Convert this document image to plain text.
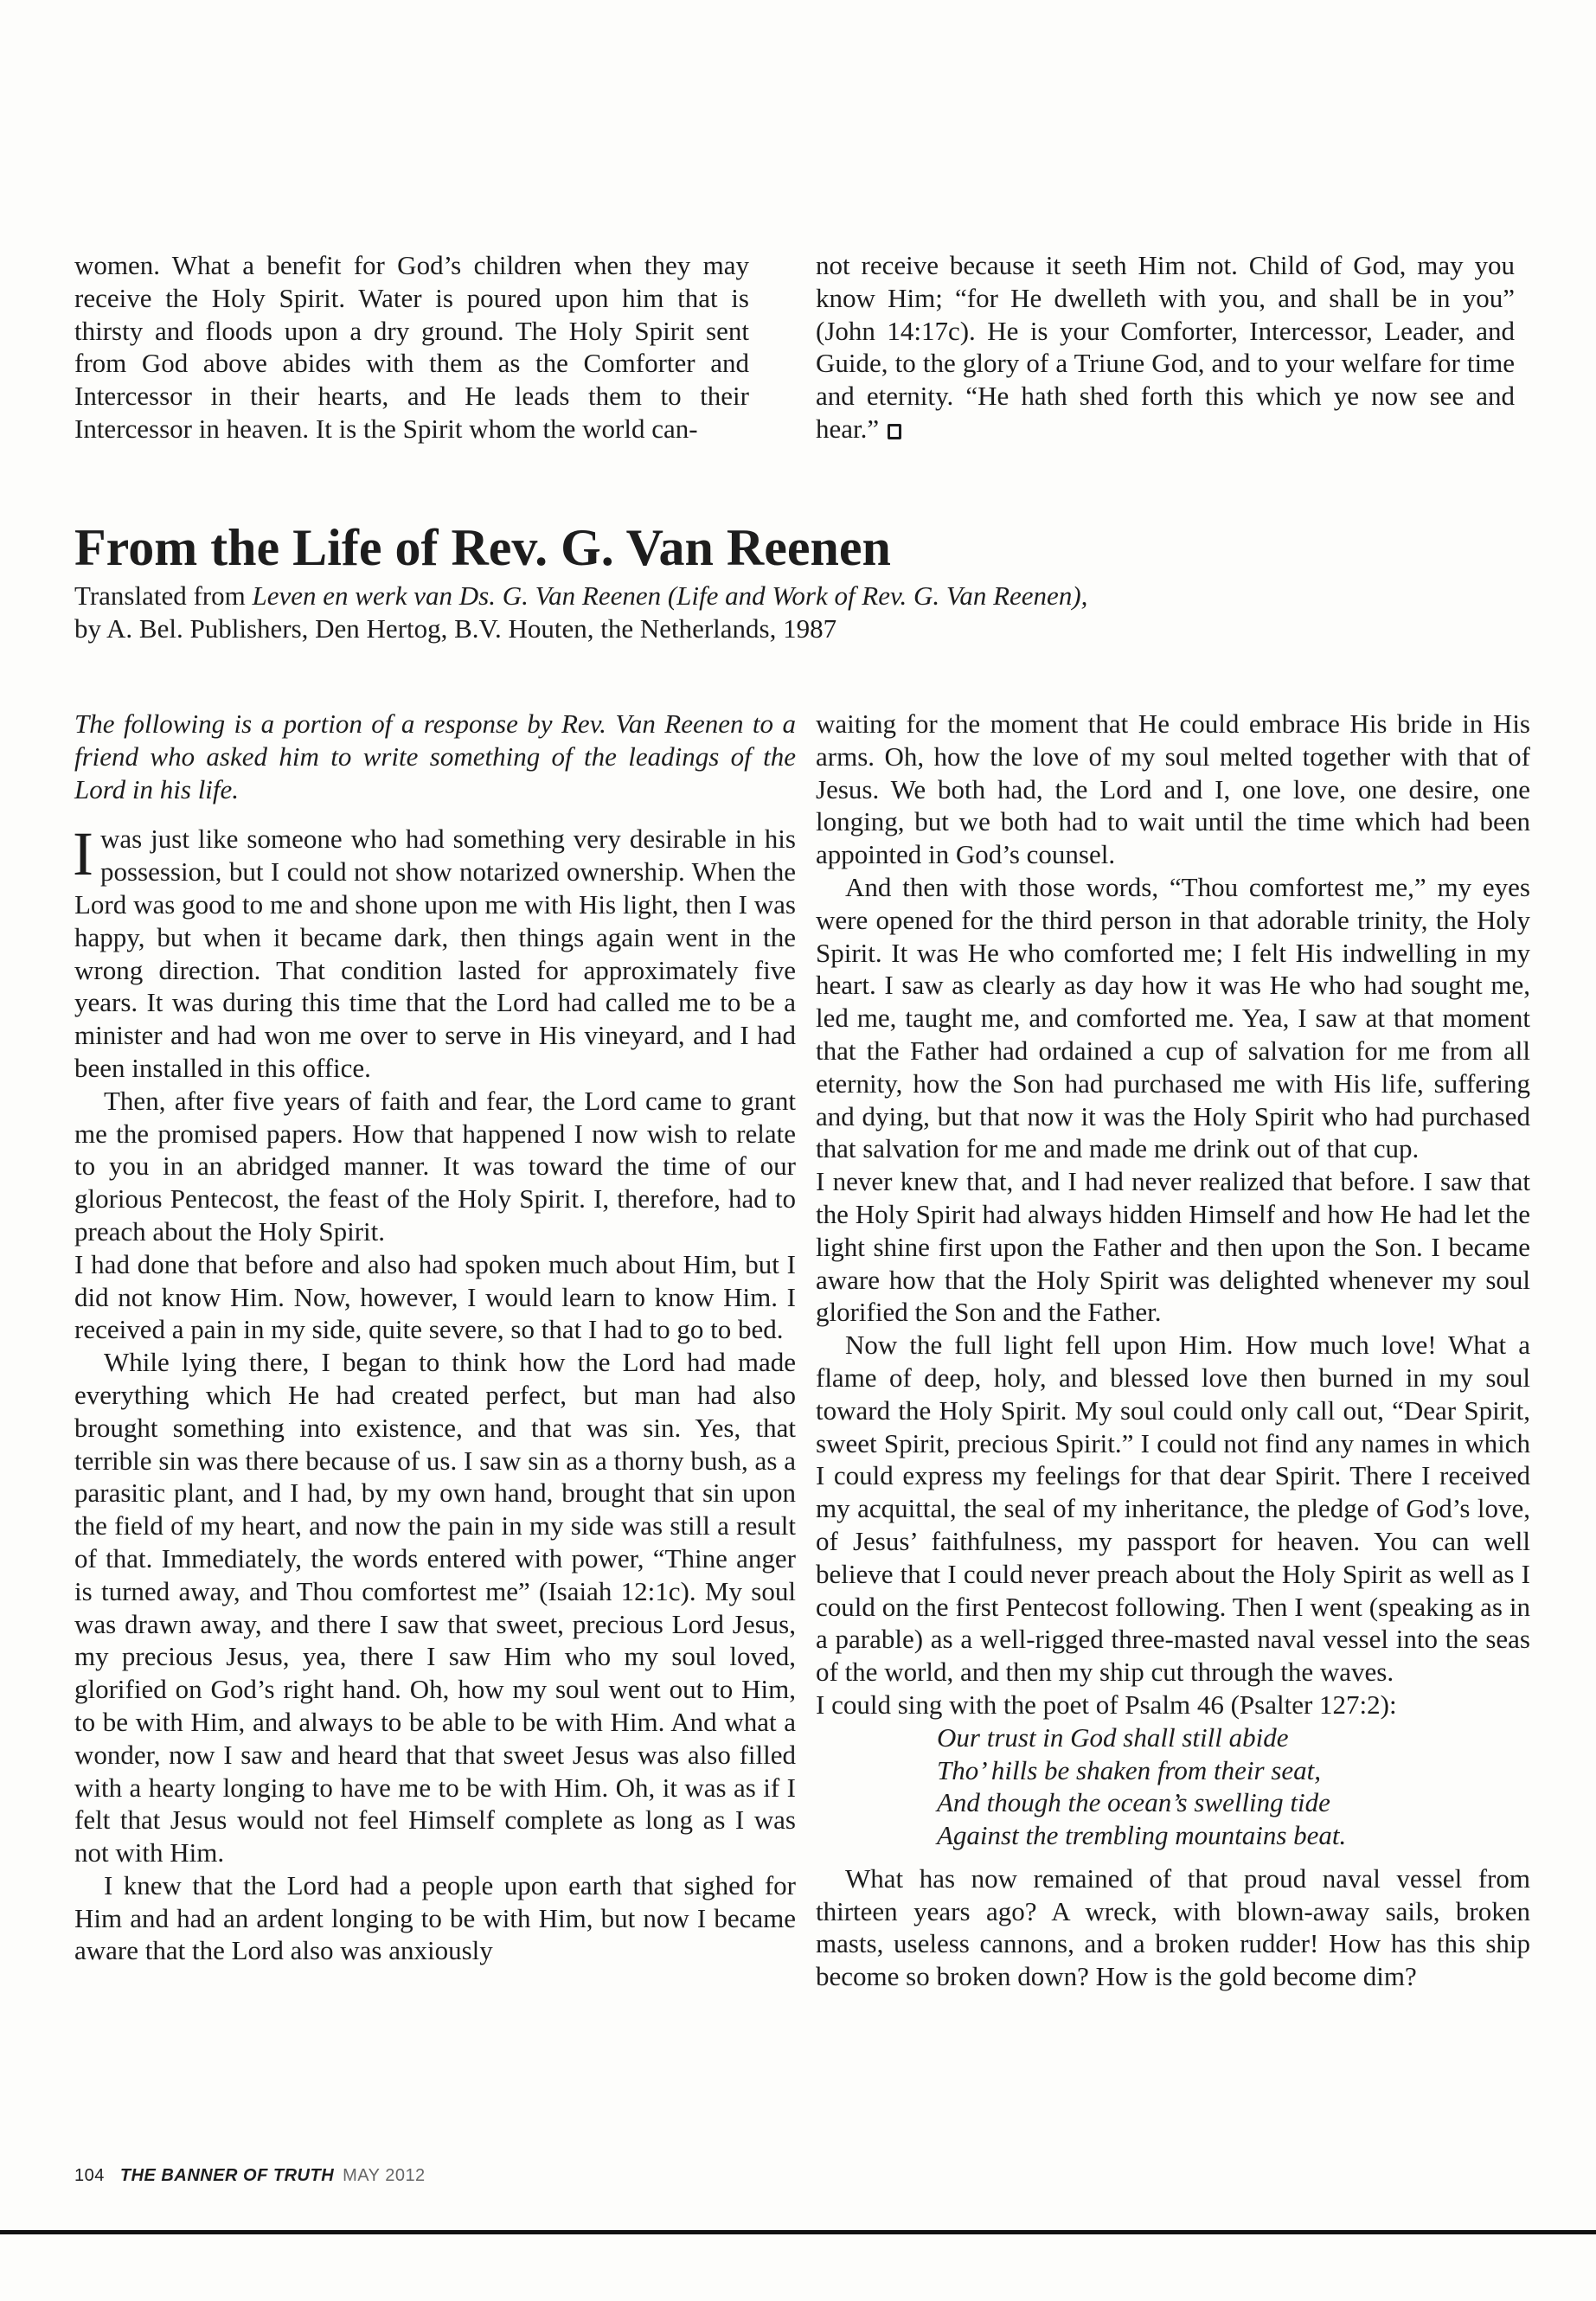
women. What a benefit for God’s children when they may receive the Holy Spirit. Water is poured upon him that is thirsty and floods upon a dry ground. The Holy Spirit sent from God above abides with them as the Comforter and Intercessor in their hearts, and He leads them to their Intercessor in heaven. It is the Spirit whom the world can-

not receive because it seeth Him not. Child of God, may you know Him; “for He dwelleth with you, and shall be in you” (John 14:17c). He is your Comforter, Intercessor, Leader, and Guide, to the glory of a Triune God, and to your welfare for time and eternity. “He hath shed forth this which ye now see and hear.”

From the Life of Rev. G. Van Reenen
Translated from Leven en werk van Ds. G. Van Reenen (Life and Work of Rev. G. Van Reenen),
by A. Bel. Publishers, Den Hertog, B.V. Houten, the Netherlands, 1987

The following is a portion of a response by Rev. Van Reenen to a friend who asked him to write something of the leadings of the Lord in his life.

I was just like someone who had something very desirable in his possession, but I could not show notarized ownership. When the Lord was good to me and shone upon me with His light, then I was happy, but when it became dark, then things again went in the wrong direction. That condition lasted for approximately five years. It was during this time that the Lord had called me to be a minister and had won me over to serve in His vineyard, and I had been installed in this office.

Then, after five years of faith and fear, the Lord came to grant me the promised papers. How that happened I now wish to relate to you in an abridged manner. It was toward the time of our glorious Pentecost, the feast of the Holy Spirit. I, therefore, had to preach about the Holy Spirit.

I had done that before and also had spoken much about Him, but I did not know Him. Now, however, I would learn to know Him. I received a pain in my side, quite severe, so that I had to go to bed.

While lying there, I began to think how the Lord had made everything which He had created perfect, but man had also brought something into existence, and that was sin. Yes, that terrible sin was there because of us. I saw sin as a thorny bush, as a parasitic plant, and I had, by my own hand, brought that sin upon the field of my heart, and now the pain in my side was still a result of that. Immediately, the words entered with power, “Thine anger is turned away, and Thou comfortest me” (Isaiah 12:1c). My soul was drawn away, and there I saw that sweet, precious Lord Jesus, my precious Jesus, yea, there I saw Him who my soul loved, glorified on God’s right hand. Oh, how my soul went out to Him, to be with Him, and always to be able to be with Him. And what a wonder, now I saw and heard that that sweet Jesus was also filled with a hearty longing to have me to be with Him. Oh, it was as if I felt that Jesus would not feel Himself complete as long as I was not with Him.

I knew that the Lord had a people upon earth that sighed for Him and had an ardent longing to be with Him, but now I became aware that the Lord also was anxiously

waiting for the moment that He could embrace His bride in His arms. Oh, how the love of my soul melted together with that of Jesus. We both had, the Lord and I, one love, one desire, one longing, but we both had to wait until the time which had been appointed in God’s counsel.

And then with those words, “Thou comfortest me,” my eyes were opened for the third person in that adorable trinity, the Holy Spirit. It was He who comforted me; I felt His indwelling in my heart. I saw as clearly as day how it was He who had sought me, led me, taught me, and comforted me. Yea, I saw at that moment that the Father had ordained a cup of salvation for me from all eternity, how the Son had purchased me with His life, suffering and dying, but that now it was the Holy Spirit who had purchased that salvation for me and made me drink out of that cup.

I never knew that, and I had never realized that before. I saw that the Holy Spirit had always hidden Himself and how He had let the light shine first upon the Father and then upon the Son. I became aware how that the Holy Spirit was delighted whenever my soul glorified the Son and the Father.

Now the full light fell upon Him. How much love! What a flame of deep, holy, and blessed love then burned in my soul toward the Holy Spirit. My soul could only call out, “Dear Spirit, sweet Spirit, precious Spirit.” I could not find any names in which I could express my feelings for that dear Spirit. There I received my acquittal, the seal of my inheritance, the pledge of God’s love, of Jesus’ faithfulness, my passport for heaven. You can well believe that I could never preach about the Holy Spirit as well as I could on the first Pentecost following. Then I went (speaking as in a parable) as a well-rigged three-masted naval vessel into the seas of the world, and then my ship cut through the waves.

I could sing with the poet of Psalm 46 (Psalter 127:2):

Our trust in God shall still abide
Tho’ hills be shaken from their seat,
And though the ocean’s swelling tide
Against the trembling mountains beat.

What has now remained of that proud naval vessel from thirteen years ago? A wreck, with blown-away sails, broken masts, useless cannons, and a broken rudder! How has this ship become so broken down? How is the gold become dim?

104 THE BANNER OF TRUTH MAY 2012
